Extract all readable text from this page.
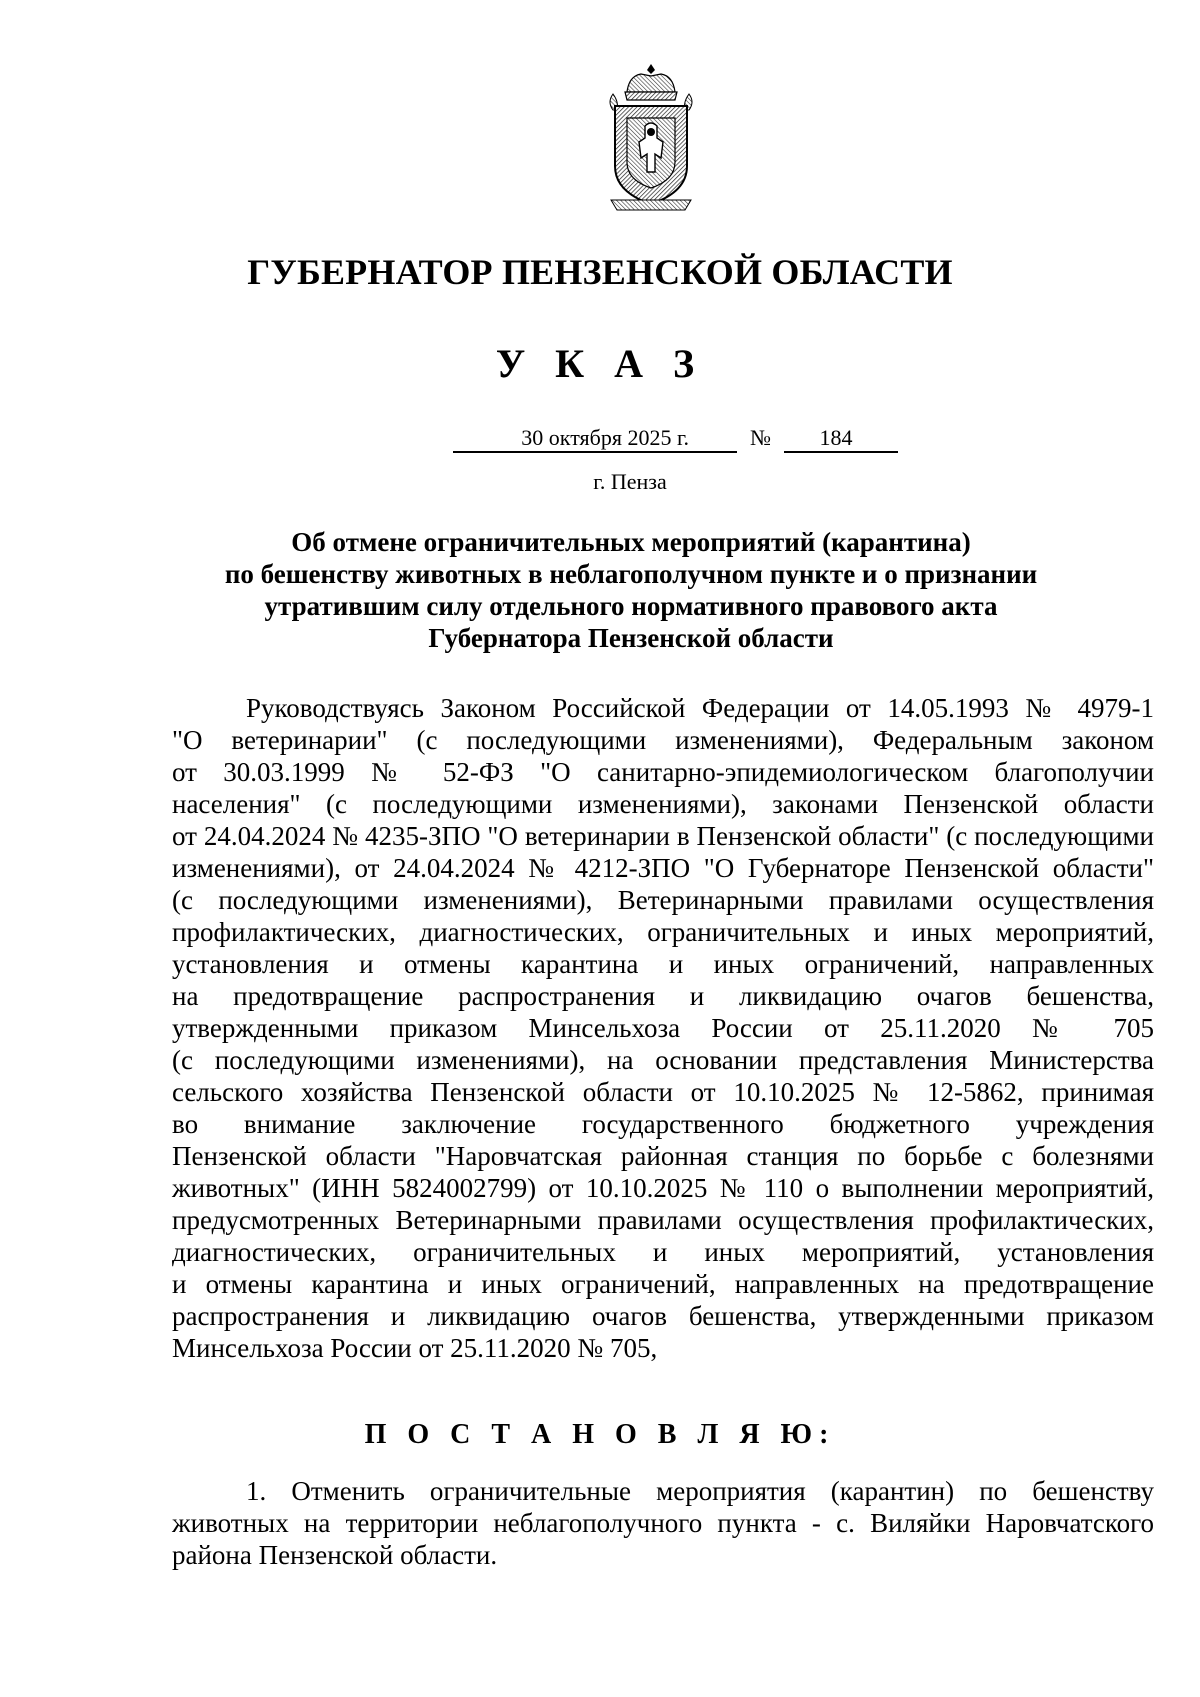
ГУБЕРНАТОР ПЕНЗЕНСКОЙ ОБЛАСТИ
У К А З
30 октября 2025 г.	№	184
г. Пенза
Об отмене ограничительных мероприятий (карантина)
по бешенству животных в неблагополучном пункте и о признании
утратившим силу отдельного нормативного правового акта
Губернатора Пензенской области
Руководствуясь Законом Российской Федерации от 14.05.1993 № 4979-1
"О ветеринарии" (с последующими изменениями), Федеральным законом
от 30.03.1999 № 52-ФЗ "О санитарно-эпидемиологическом благополучии
населения" (с последующими изменениями), законами Пензенской области
от 24.04.2024 № 4235-ЗПО "О ветеринарии в Пензенской области" (с последующими
изменениями), от 24.04.2024 № 4212-ЗПО "О Губернаторе Пензенской области"
(с последующими изменениями), Ветеринарными правилами осуществления
профилактических, диагностических, ограничительных и иных мероприятий,
установления и отмены карантина и иных ограничений, направленных
на предотвращение распространения и ликвидацию очагов бешенства,
утвержденными приказом Минсельхоза России от 25.11.2020 № 705
(с последующими изменениями), на основании представления Министерства
сельского хозяйства Пензенской области от 10.10.2025 № 12-5862, принимая
во внимание заключение государственного бюджетного учреждения
Пензенской области "Наровчатская районная станция по борьбе с болезнями
животных" (ИНН 5824002799) от 10.10.2025 № 110 о выполнении мероприятий,
предусмотренных Ветеринарными правилами осуществления профилактических,
диагностических, ограничительных и иных мероприятий, установления
и отмены карантина и иных ограничений, направленных на предотвращение
распространения и ликвидацию очагов бешенства, утвержденными приказом
Минсельхоза России от 25.11.2020 № 705,
П О С Т А Н О В Л Я Ю:
1. Отменить ограничительные мероприятия (карантин) по бешенству
животных на территории неблагополучного пункта - с. Виляйки Наровчатского
района Пензенской области.
